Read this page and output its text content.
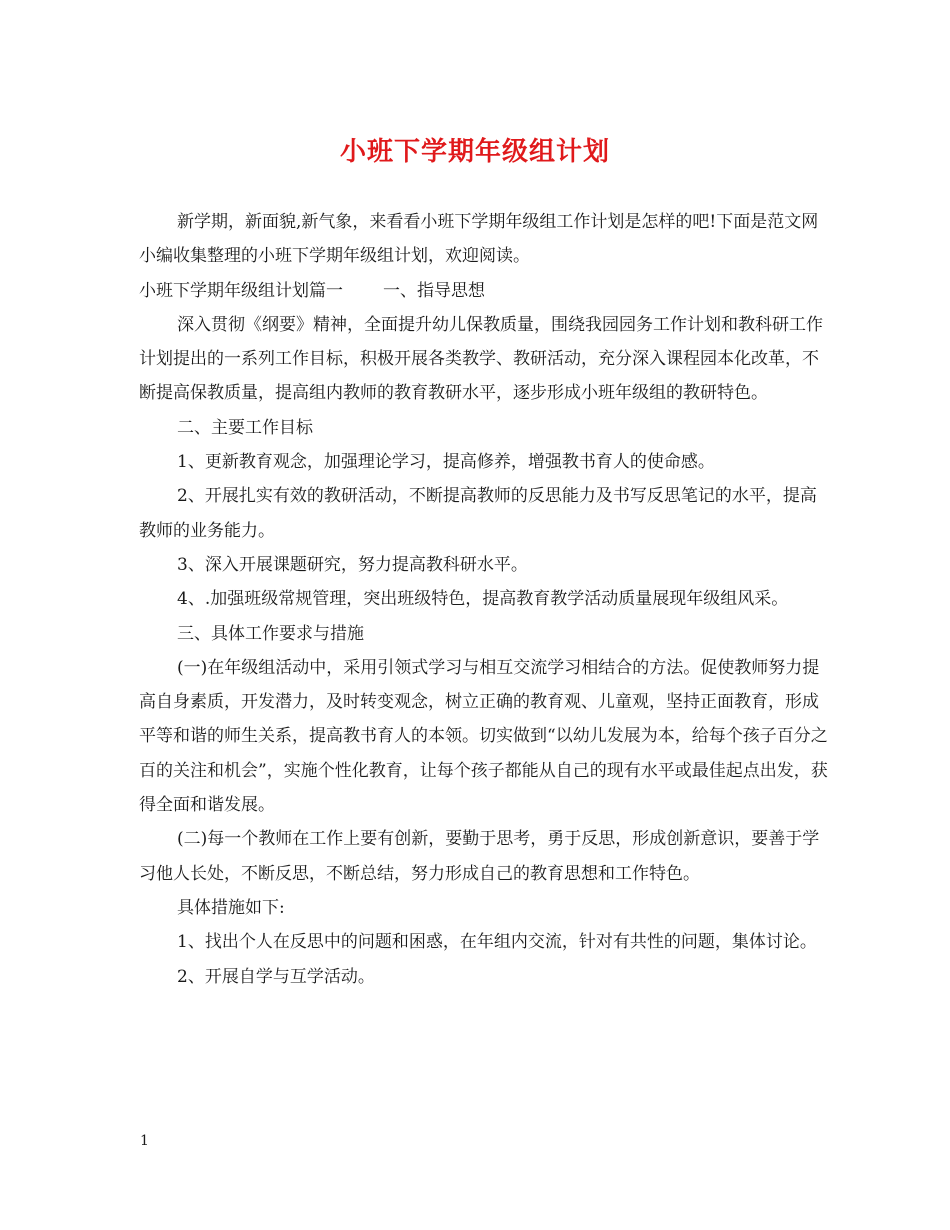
小班下学期年级组计划

新学期，新面貌,新气象，来看看小班下学期年级组工作计划是怎样的吧!下面是范文网小编收集整理的小班下学期年级组计划，欢迎阅读。

小班下学期年级组计划篇一 一、指导思想

深入贯彻《纲要》精神，全面提升幼儿保教质量，围绕我园园务工作计划和教科研工作计划提出的一系列工作目标，积极开展各类教学、教研活动，充分深入课程园本化改革，不断提高保教质量，提高组内教师的教育教研水平，逐步形成小班年级组的教研特色。

二、主要工作目标

1、更新教育观念，加强理论学习，提高修养，增强教书育人的使命感。

2、开展扎实有效的教研活动，不断提高教师的反思能力及书写反思笔记的水平，提高教师的业务能力。

3、深入开展课题研究，努力提高教科研水平。

4、.加强班级常规管理，突出班级特色，提高教育教学活动质量展现年级组风采。

三、具体工作要求与措施

(一)在年级组活动中，采用引领式学习与相互交流学习相结合的方法。促使教师努力提高自身素质，开发潜力，及时转变观念，树立正确的教育观、儿童观，坚持正面教育，形成平等和谐的师生关系，提高教书育人的本领。切实做到“以幼儿发展为本，给每个孩子百分之百的关注和机会”，实施个性化教育，让每个孩子都能从自己的现有水平或最佳起点出发，获得全面和谐发展。

(二)每一个教师在工作上要有创新，要勤于思考，勇于反思，形成创新意识，要善于学习他人长处，不断反思，不断总结，努力形成自己的教育思想和工作特色。

具体措施如下:

1、找出个人在反思中的问题和困惑，在年组内交流，针对有共性的问题，集体讨论。

2、开展自学与互学活动。

1
